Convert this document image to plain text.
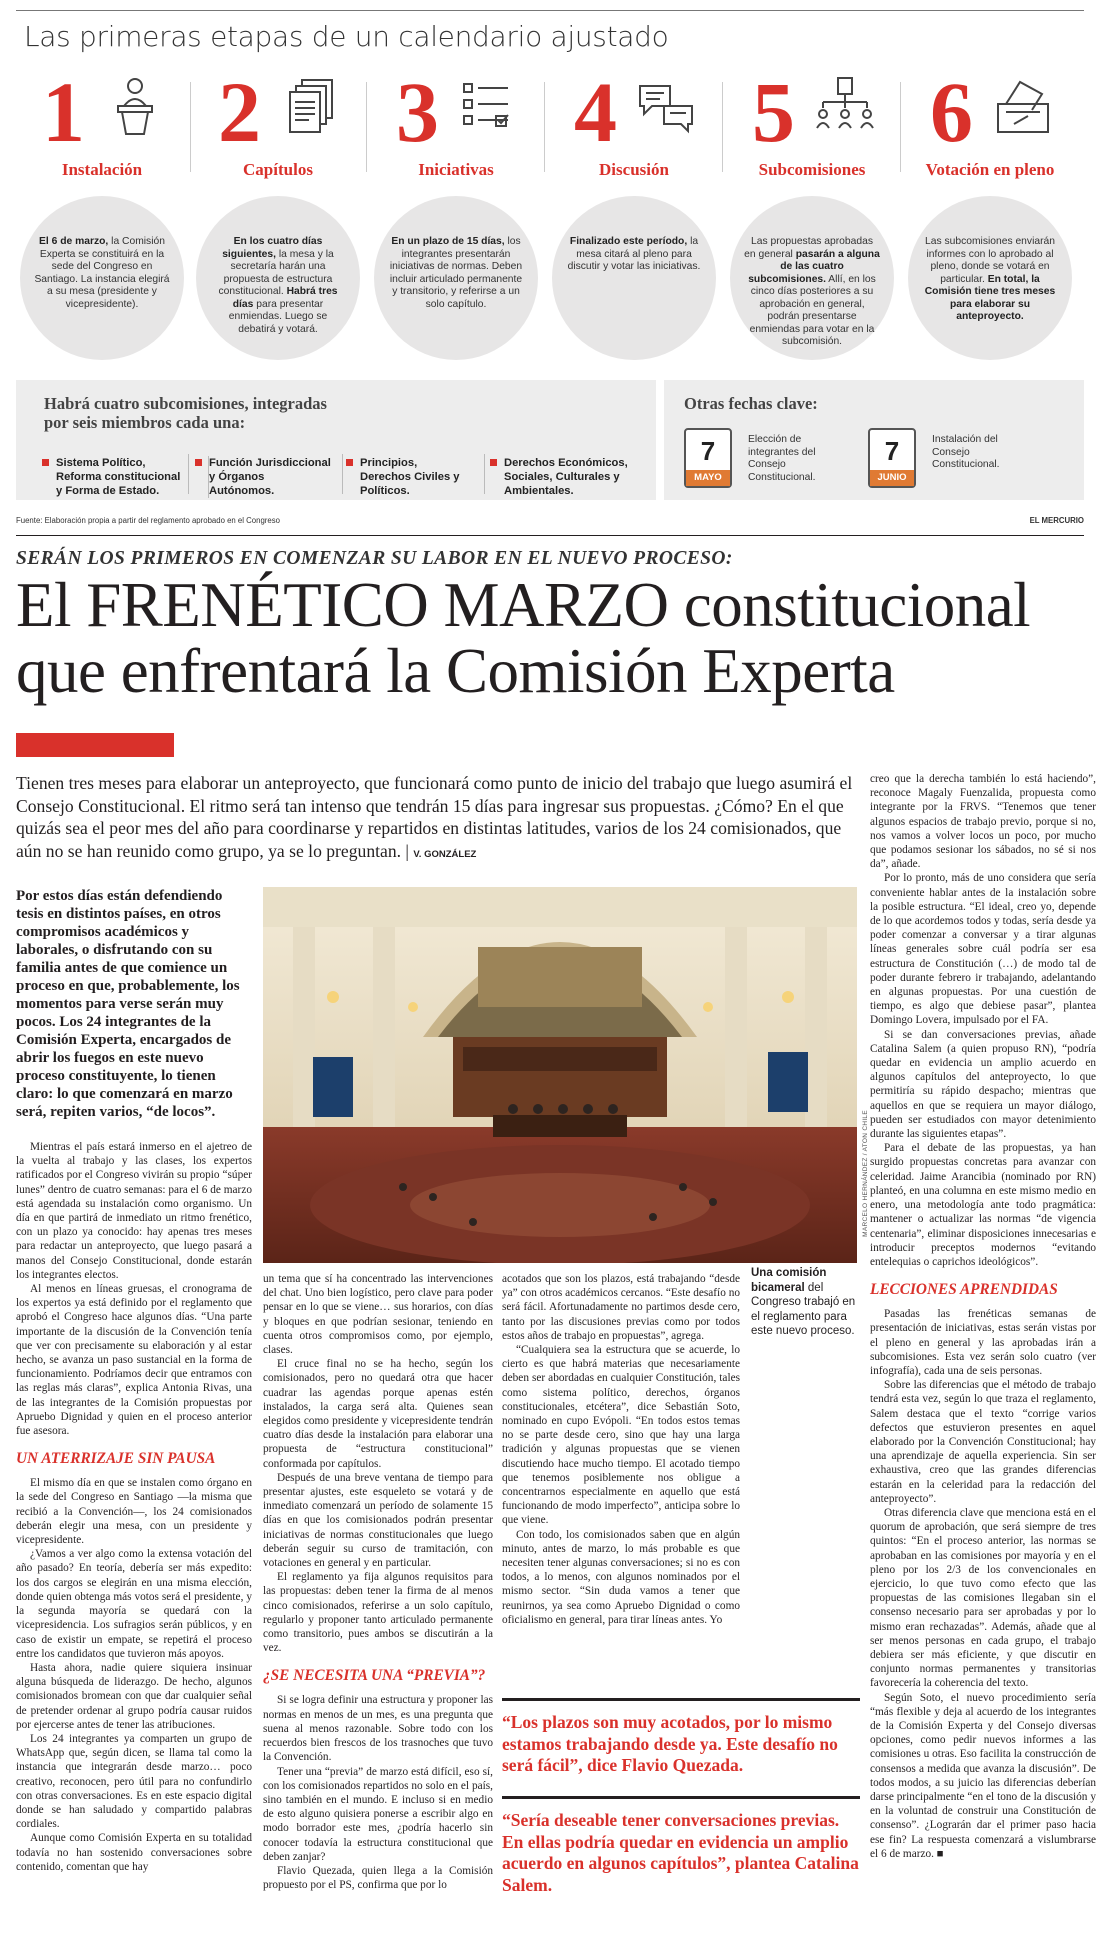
Las primeras etapas de un calendario ajustado
1
Instalación
El 6 de marzo, la Comisión Experta se constituirá en la sede del Congreso en Santiago. La instancia elegirá a su mesa (presidente y vicepresidente).
2
Capítulos
En los cuatro días siguientes, la mesa y la secretaría harán una propuesta de estructura constitucional. Habrá tres días para presentar enmiendas. Luego se debatirá y votará.
3
Iniciativas
En un plazo de 15 días, los integrantes presentarán iniciativas de normas. Deben incluir articulado permanente y transitorio, y referirse a un solo capítulo.
4
Discusión
Finalizado este período, la mesa citará al pleno para discutir y votar las iniciativas.
5
Subcomisiones
Las propuestas aprobadas en general pasarán a alguna de las cuatro subcomisiones. Allí, en los cinco días posteriores a su aprobación en general, podrán presentarse enmiendas para votar en la subcomisión.
6
Votación en pleno
Las subcomisiones enviarán informes con lo aprobado al pleno, donde se votará en particular. En total, la Comisión tiene tres meses para elaborar su anteproyecto.
Habrá cuatro subcomisiones, integradas por seis miembros cada una:
Sistema Político, Reforma constitucional y Forma de Estado.
Función Jurisdiccional y Órganos Autónomos.
Principios, Derechos Civiles y Políticos.
Derechos Económicos, Sociales, Culturales y Ambientales.
Otras fechas clave:
7
MAYO
Elección de integrantes del Consejo Constitucional.
7
JUNIO
Instalación del Consejo Constitucional.
Fuente: Elaboración propia a partir del reglamento aprobado en el Congreso	EL MERCURIO
SERÁN LOS PRIMEROS EN COMENZAR SU LABOR EN EL NUEVO PROCESO:
El FRENÉTICO MARZO constitucional que enfrentará la Comisión Experta
Tienen tres meses para elaborar un anteproyecto, que funcionará como punto de inicio del trabajo que luego asumirá el Consejo Constitucional. El ritmo será tan intenso que tendrán 15 días para ingresar sus propuestas. ¿Cómo? En el que quizás sea el peor mes del año para coordinarse y repartidos en distintas latitudes, varios de los 24 comisionados, que aún no se han reunido como grupo, ya se lo preguntan. | V. GONZÁLEZ
Por estos días están defendiendo tesis en distintos países, en otros compromisos académicos y laborales, o disfrutando con su familia antes de que comience un proceso en que, probablemente, los momentos para verse serán muy pocos. Los 24 integrantes de la Comisión Experta, encargados de abrir los fuegos en este nuevo proceso constituyente, lo tienen claro: lo que comenzará en marzo será, repiten varios, “de locos”.	MARCELO HERNÁNDEZ / ATON CHILE
Una comisión bicameral del Congreso trabajó en el reglamento para este nuevo proceso.

Mientras el país estará inmerso en el ajetreo de la vuelta al trabajo y las clases, los expertos ratificados por el Congreso vivirán su propio “súper lunes” dentro de cuatro semanas: para el 6 de marzo está agendada su instalación como organismo. Un día en que partirá de inmediato un ritmo frenético, con un plazo ya conocido: hay apenas tres meses para redactar un anteproyecto, que luego pasará a manos del Consejo Constitucional, donde estarán los integrantes electos.

Al menos en líneas gruesas, el cronograma de los expertos ya está definido por el reglamento que aprobó el Congreso hace algunos días. “Una parte importante de la discusión de la Convención tenía que ver con precisamente su elaboración y al estar hecho, se avanza un paso sustancial en la forma de funcionamiento. Podríamos decir que entramos con las reglas más claras”, explica Antonia Rivas, una de las integrantes de la Comisión propuestas por Apruebo Dignidad y quien en el proceso anterior fue asesora.

UN ATERRIZAJE SIN PAUSA

El mismo día en que se instalen como órgano en la sede del Congreso en Santiago —la misma que recibió a la Convención—, los 24 comisionados deberán elegir una mesa, con un presidente y vicepresidente.

¿Vamos a ver algo como la extensa votación del año pasado? En teoría, debería ser más expedito: los dos cargos se elegirán en una misma elección, donde quien obtenga más votos será el presidente, y la segunda mayoría se quedará con la vicepresidencia. Los sufragios serán públicos, y en caso de existir un empate, se repetirá el proceso entre los candidatos que tuvieron más apoyos.

Hasta ahora, nadie quiere siquiera insinuar alguna búsqueda de liderazgo. De hecho, algunos comisionados bromean con que dar cualquier señal de pretender ordenar al grupo podría causar ruidos por ejercerse antes de tener las atribuciones.

Los 24 integrantes ya comparten un grupo de WhatsApp que, según dicen, se llama tal como la instancia que integrarán desde marzo… poco creativo, reconocen, pero útil para no confundirlo con otras conversaciones. Es en este espacio digital donde se han saludado y compartido palabras cordiales.

Aunque como Comisión Experta en su totalidad todavía no han sostenido conversaciones sobre contenido, comentan que hay

un tema que sí ha concentrado las intervenciones del chat. Uno bien logístico, pero clave para poder pensar en lo que se viene… sus horarios, con días y bloques en que podrían sesionar, teniendo en cuenta otros compromisos como, por ejemplo, clases.

El cruce final no se ha hecho, según los comisionados, pero no quedará otra que hacer cuadrar las agendas porque apenas estén instalados, la carga será alta. Quienes sean elegidos como presidente y vicepresidente tendrán cuatro días desde la instalación para elaborar una propuesta de “estructura constitucional” conformada por capítulos.

Después de una breve ventana de tiempo para presentar ajustes, este esqueleto se votará y de inmediato comenzará un período de solamente 15 días en que los comisionados podrán presentar iniciativas de normas constitucionales que luego deberán seguir su curso de tramitación, con votaciones en general y en particular.

El reglamento ya fija algunos requisitos para las propuestas: deben tener la firma de al menos cinco comisionados, referirse a un solo capítulo, regularlo y proponer tanto articulado permanente como transitorio, pues ambos se discutirán a la vez.

¿SE NECESITA UNA “PREVIA”?

Si se logra definir una estructura y proponer las normas en menos de un mes, es una pregunta que suena al menos razonable. Sobre todo con los recuerdos bien frescos de los trasnoches que tuvo la Convención.

Tener una “previa” de marzo está difícil, eso sí, con los comisionados repartidos no solo en el país, sino también en el mundo. E incluso si en medio de esto alguno quisiera ponerse a escribir algo en modo borrador este mes, ¿podría hacerlo sin conocer todavía la estructura constitucional que deben zanjar?

Flavio Quezada, quien llega a la Comisión propuesto por el PS, confirma que por lo

acotados que son los plazos, está trabajando “desde ya” con otros académicos cercanos. “Este desafío no será fácil. Afortunadamente no partimos desde cero, tanto por las discusiones previas como por todos estos años de trabajo en propuestas”, agrega.

“Cualquiera sea la estructura que se acuerde, lo cierto es que habrá materias que necesariamente deben ser abordadas en cualquier Constitución, tales como sistema político, derechos, órganos constitucionales, etcétera”, dice Sebastián Soto, nominado en cupo Evópoli. “En todos estos temas no se parte desde cero, sino que hay una larga tradición y algunas propuestas que se vienen discutiendo hace mucho tiempo. El acotado tiempo que tenemos posiblemente nos obligue a concentrarnos especialmente en aquello que está funcionando de modo imperfecto”, anticipa sobre lo que viene.

Con todo, los comisionados saben que en algún minuto, antes de marzo, lo más probable es que necesiten tener algunas conversaciones; si no es con todos, a lo menos, con algunos nominados por el mismo sector. “Sin duda vamos a tener que reunirnos, ya sea como Apruebo Dignidad o como oficialismo en general, para tirar líneas antes. Yo

“Los plazos son muy acotados, por lo mismo estamos trabajando desde ya. Este desafío no será fácil”, dice Flavio Quezada.
“Sería deseable tener conversaciones previas. En ellas podría quedar en evidencia un amplio acuerdo en algunos capítulos”, plantea Catalina Salem.

creo que la derecha también lo está haciendo”, reconoce Magaly Fuenzalida, propuesta como integrante por la FRVS. “Tenemos que tener algunos espacios de trabajo previo, porque si no, nos vamos a volver locos un poco, por mucho que podamos sesionar los sábados, no sé si nos da”, añade.

Por lo pronto, más de uno considera que sería conveniente hablar antes de la instalación sobre la posible estructura. “El ideal, creo yo, depende de lo que acordemos todos y todas, sería desde ya poder comenzar a conversar y a tirar algunas líneas generales sobre cuál podría ser esa estructura de Constitución (…) de modo tal de poder durante febrero ir trabajando, adelantando en algunas propuestas. Por una cuestión de tiempo, es algo que debiese pasar”, plantea Domingo Lovera, impulsado por el FA.

Si se dan conversaciones previas, añade Catalina Salem (a quien propuso RN), “podría quedar en evidencia un amplio acuerdo en algunos capítulos del anteproyecto, lo que permitiría su rápido despacho; mientras que aquellos en que se requiera un mayor diálogo, pueden ser estudiados con mayor detenimiento durante las siguientes etapas”.

Para el debate de las propuestas, ya han surgido propuestas concretas para avanzar con celeridad. Jaime Arancibia (nominado por RN) planteó, en una columna en este mismo medio en enero, una metodología ante todo pragmática: mantener o actualizar las normas “de vigencia centenaria”, eliminar disposiciones innecesarias e introducir preceptos modernos “evitando entelequias o caprichos ideológicos”.

LECCIONES APRENDIDAS

Pasadas las frenéticas semanas de presentación de iniciativas, estas serán vistas por el pleno en general y las aprobadas irán a subcomisiones. Esta vez serán solo cuatro (ver infografía), cada una de seis personas.

Sobre las diferencias que el método de trabajo tendrá esta vez, según lo que traza el reglamento, Salem destaca que el texto “corrige varios defectos que estuvieron presentes en aquel elaborado por la Convención Constitucional; hay una aprendizaje de aquella experiencia. Sin ser exhaustiva, creo que las grandes diferencias estarán en la celeridad para la redacción del anteproyecto”.

Otras diferencia clave que menciona está en el quorum de aprobación, que será siempre de tres quintos: “En el proceso anterior, las normas se aprobaban en las comisiones por mayoría y en el pleno por los 2/3 de los convencionales en ejercicio, lo que tuvo como efecto que las propuestas de las comisiones llegaban sin el consenso necesario para ser aprobadas y por lo mismo eran rechazadas”. Además, añade que al ser menos personas en cada grupo, el trabajo debiera ser más eficiente, y que discutir en conjunto normas permanentes y transitorias favorecería la coherencia del texto.

Según Soto, el nuevo procedimiento sería “más flexible y deja al acuerdo de los integrantes de la Comisión Experta y del Consejo diversas opciones, como pedir nuevos informes a las comisiones u otras. Eso facilita la construcción de consensos a medida que avanza la discusión”. De todos modos, a su juicio las diferencias deberían darse principalmente “en el tono de la discusión y en la voluntad de construir una Constitución de consenso”. ¿Lograrán dar el primer paso hacia ese fin? La respuesta comenzará a vislumbrarse el 6 de marzo. ■
